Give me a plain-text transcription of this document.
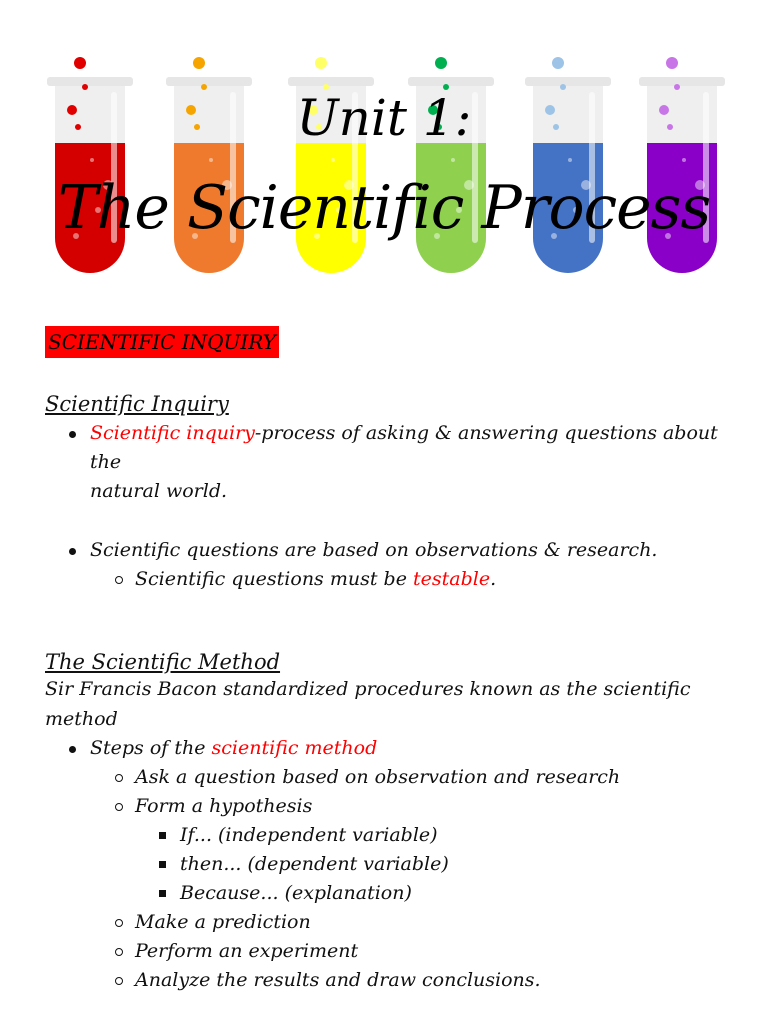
Unit 1:
The Scientific Process
SCIENTIFIC INQUIRY
Scientific Inquiry
Scientific inquiry-process of asking & answering questions about the
natural world.
Scientific questions are based on observations & research.
Scientific questions must be testable.
The Scientific Method

Sir Francis Bacon standardized procedures known as the scientific method

Steps of the scientific method
Ask a question based on observation and research
Form a hypothesis
If... (independent variable)
then... (dependent variable)
Because... (explanation)
Make a prediction
Perform an experiment
Analyze the results and draw conclusions.
